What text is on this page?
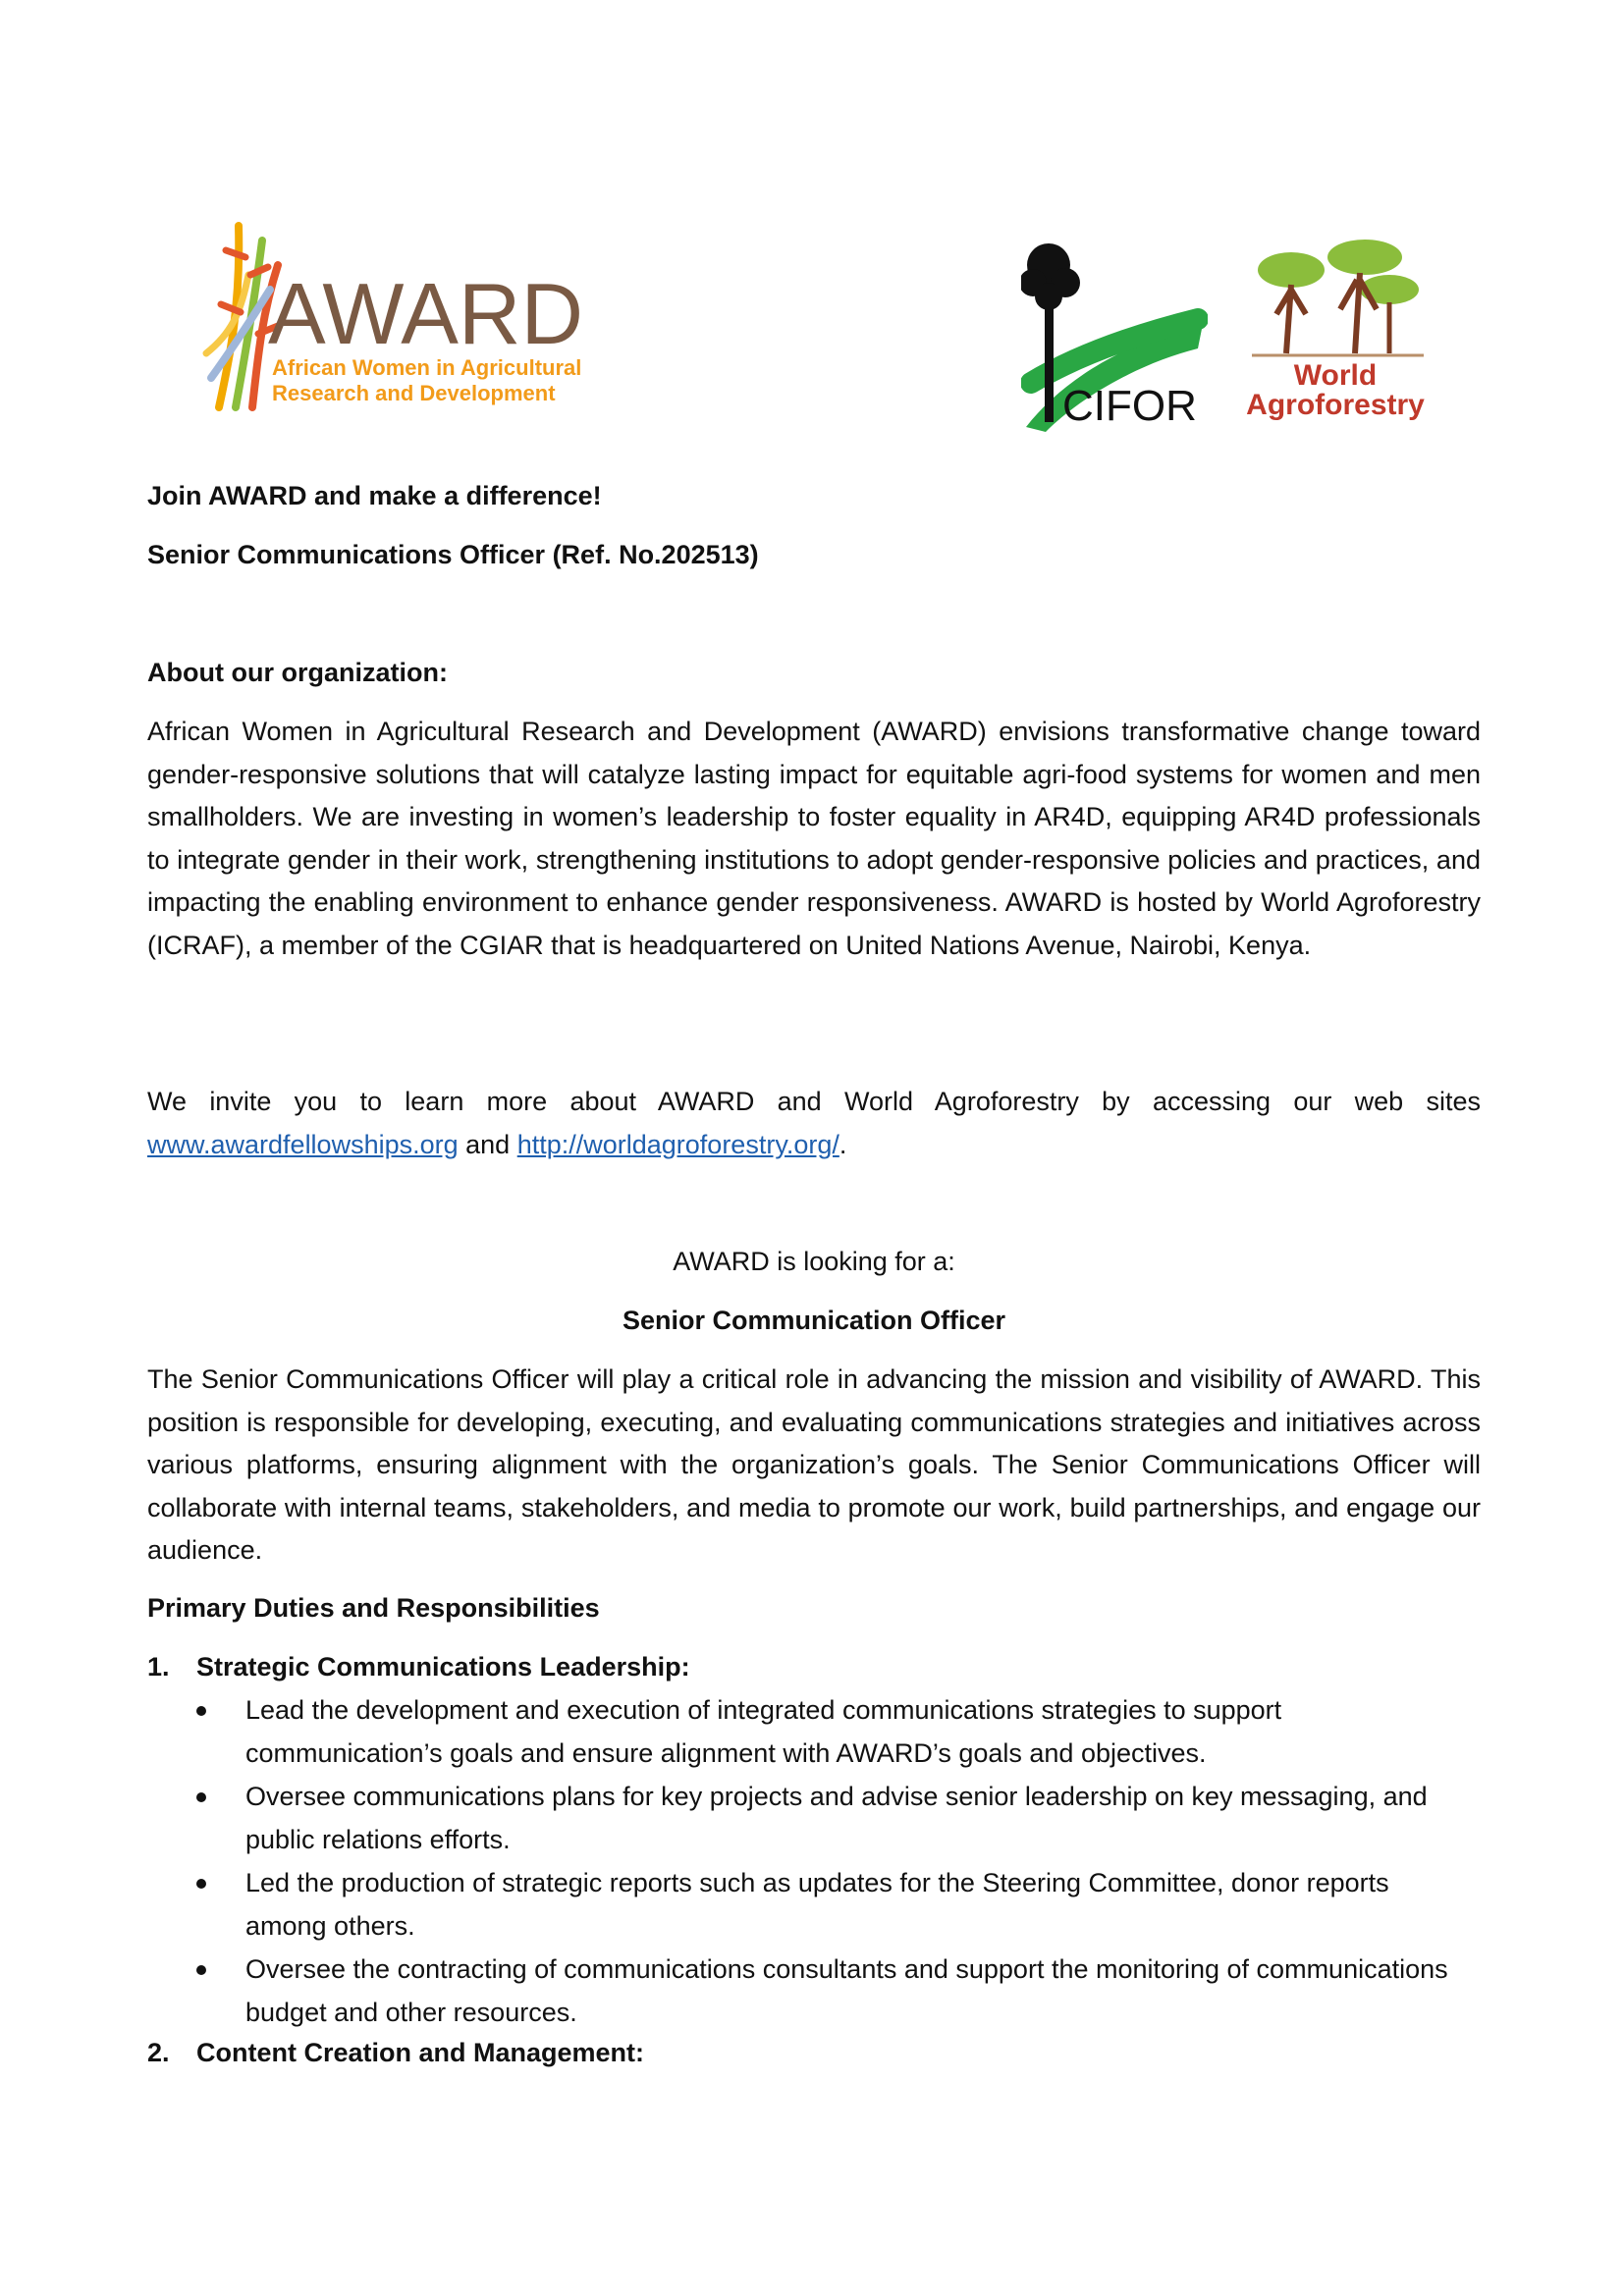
AWARD
African Women in Agricultural
Research and Development	CIFOR
World
Agroforestry
Join AWARD and make a difference!
Senior Communications Officer (Ref. No.202513)
About our organization:
African Women in Agricultural Research and Development (AWARD) envisions transformative change toward gender-responsive solutions that will catalyze lasting impact for equitable agri-food systems for women and men smallholders. We are investing in women’s leadership to foster equality in AR4D, equipping AR4D professionals to integrate gender in their work, strengthening institutions to adopt gender-responsive policies and practices, and impacting the enabling environment to enhance gender responsiveness. AWARD is hosted by World Agroforestry (ICRAF), a member of the CGIAR that is headquartered on United Nations Avenue, Nairobi, Kenya.
We invite you to learn more about AWARD and World Agroforestry by accessing our web sites www.awardfellowships.org and http://worldagroforestry.org/.
AWARD is looking for a:
Senior Communication Officer
The Senior Communications Officer will play a critical role in advancing the mission and visibility of AWARD. This position is responsible for developing, executing, and evaluating communications strategies and initiatives across various platforms, ensuring alignment with the organization’s goals. The Senior Communications Officer will collaborate with internal teams, stakeholders, and media to promote our work, build partnerships, and engage our audience.
Primary Duties and Responsibilities
1. Strategic Communications Leadership:
Lead the development and execution of integrated communications strategies to support communication’s goals and ensure alignment with AWARD’s goals and objectives.
Oversee communications plans for key projects and advise senior leadership on key messaging, and public relations efforts.
Led the production of strategic reports such as updates for the Steering Committee, donor reports among others.
Oversee the contracting of communications consultants and support the monitoring of communications budget and other resources.
2. Content Creation and Management:
